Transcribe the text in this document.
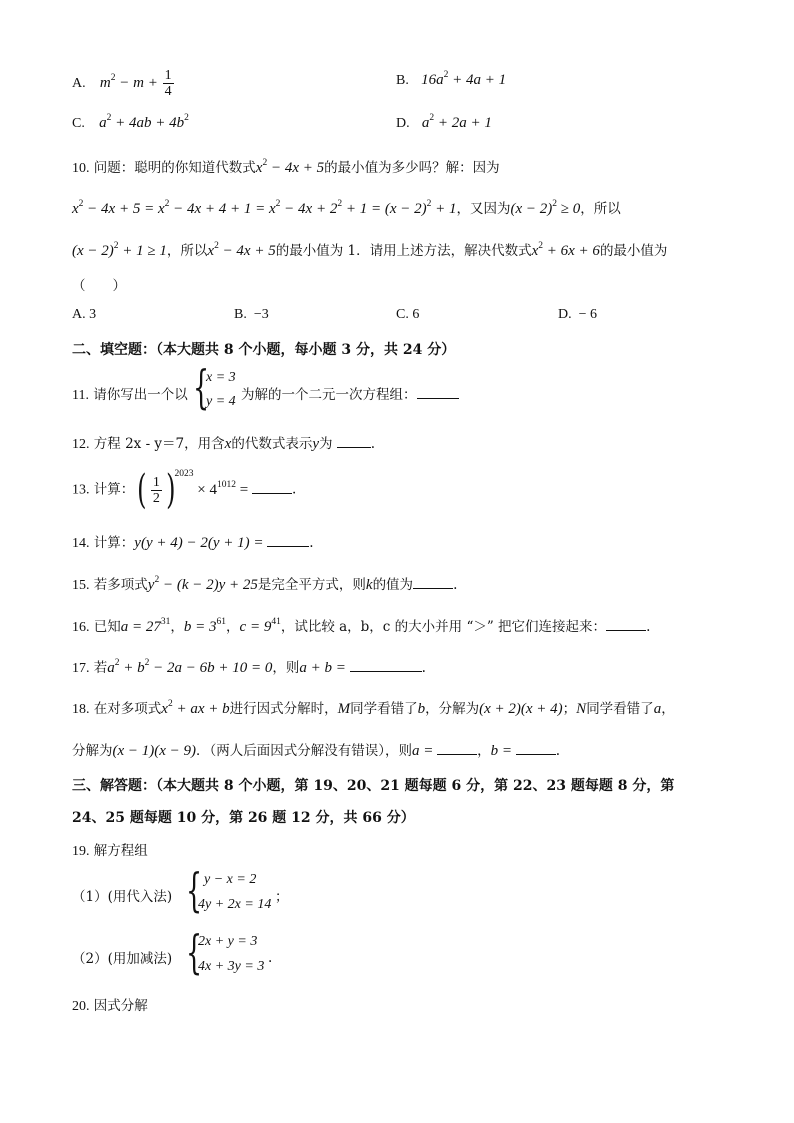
A. $m^2 - m + \frac{1}{4}$	B. $16a^2 + 4a + 1$
C. $a^2 + 4ab + 4b^2$	D. $a^2 + 2a + 1$
10. 问题：聪明的你知道代数式$x^2 - 4x + 5$的最小值为多少吗？解：因为
$x^2 - 4x + 5 = x^2 - 4x + 4 + 1 = x^2 - 4x + 2^2 + 1 = (x - 2)^2 + 1$，又因为$(x - 2)^2 \ge 0$，所以
$(x - 2)^2 + 1 \ge 1$，所以$x^2 - 4x + 5$的最小值为 1．请用上述方法，解决代数式$x^2 + 6x + 6$的最小值为
（　　）
A. 3	B. −3	C. 6	D. − 6
二、填空题：（本大题共 8 个小题，每小题 3 分，共 24 分）
11. 请你写出一个以 {
x = 3
y = 4 为解的一个二元一次方程组：
12. 方程 2x - y＝7，用含x的代数式表示y为	.
13. 计算：( $\frac{1}{2} )^{2023} \times 4^{1012}$ =	.
14. 计算：y(y + 4) − 2(y + 1) =	.
15. 若多项式$y^2 - (k - 2)y + 25$是完全平方式，则k的值为	.
16. 已知$a = 27^{31}$，$b = 3^{61}$，$c = 9^{41}$，试比较 a，b，c 的大小并用 “＞” 把它们连接起来：	.
17. 若$a^2 + b^2 - 2a - 6b + 10 = 0$，则a + b =	.
18. 在对多项式$x^2$ + ax + b进行因式分解时，M同学看错了b，分解为(x + 2)(x + 4)；N同学看错了a，
分解为(x − 1)(x − 9)．（两人后面因式分解没有错误），则a =	，b =	.
三、解答题：（本大题共 8 个小题，第 19、20、21 题每题 6 分，第 22、23 题每题 8 分，第
24、25 题每题 10 分，第 26 题 12 分，共 66 分）
19. 解方程组
（1）(用代入法) { y − x = 2
4y + 2x = 14 ；
（2）(用加减法) {
2x + y = 3
4x + 3y = 3
.
20. 因式分解
